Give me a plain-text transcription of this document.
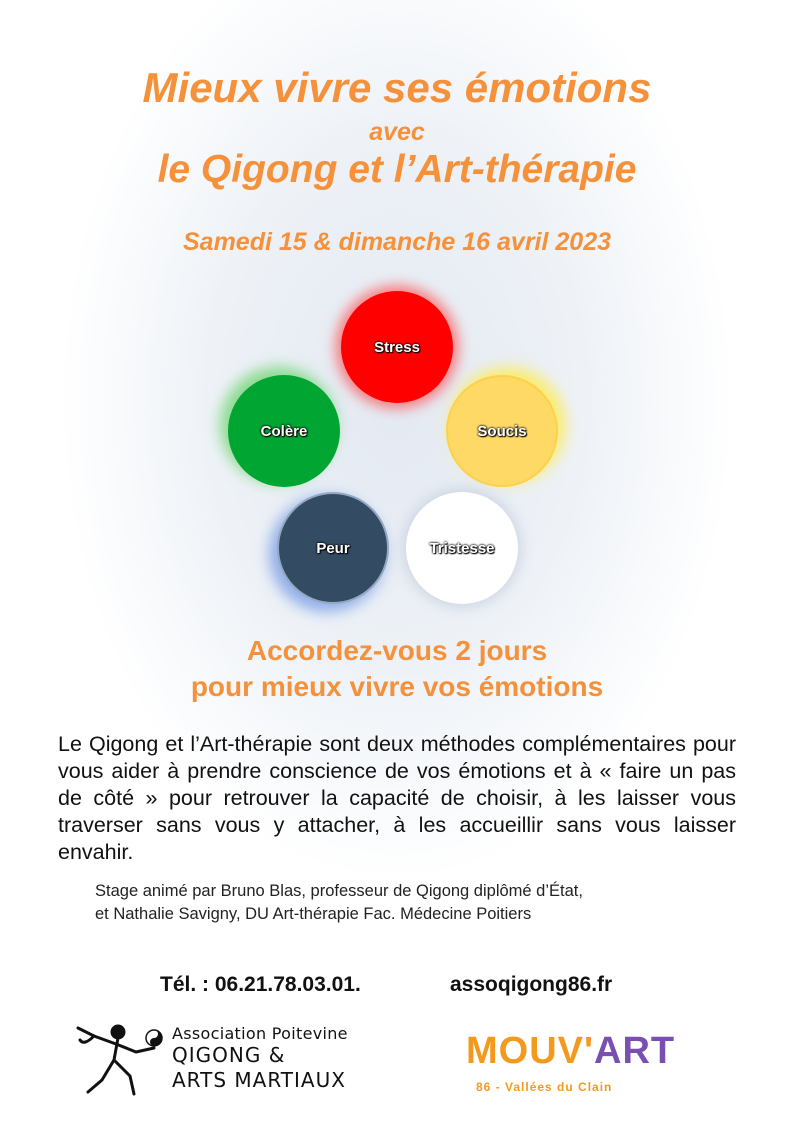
Mieux vivre ses émotions
avec
le Qigong et l’Art-thérapie
Samedi 15 & dimanche 16 avril 2023
Stress
Colère	Soucis
Peur	Tristesse
Accordez-vous 2 jours
pour mieux vivre vos émotions
Le Qigong et l’Art-thérapie sont deux méthodes complémentaires pour vous aider à prendre conscience de vos émotions et à « faire un pas de côté » pour retrouver la capacité de choisir, à les laisser vous traverser sans vous y attacher, à les accueillir sans vous laisser envahir.
Stage animé par Bruno Blas, professeur de Qigong diplômé d’État,
et Nathalie Savigny, DU Art-thérapie Fac. Médecine Poitiers
Tél. : 06.21.78.03.01.	assoqigong86.fr
Association Poitevine
QIGONG &
ARTS MARTIAUX
MOUV'ART
86 - Vallées du Clain
